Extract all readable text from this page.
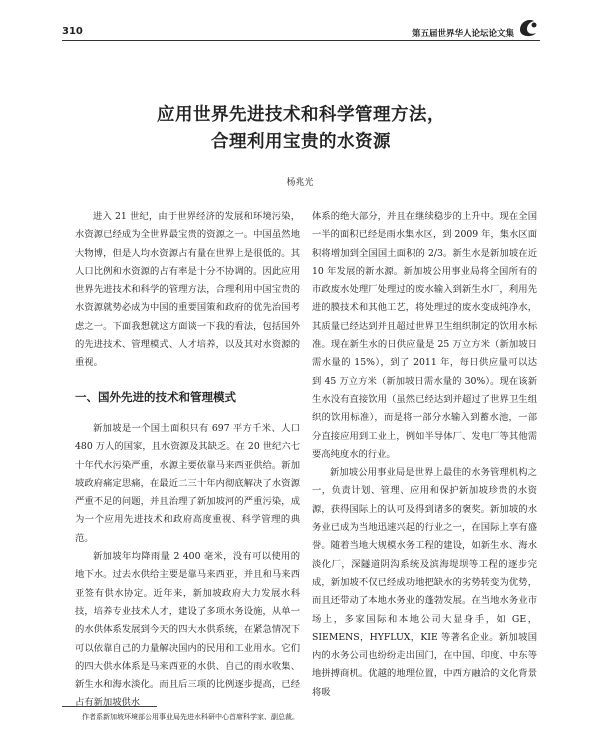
310	第五届世界华人论坛论文集
应用世界先进技术和科学管理方法，
合理利用宝贵的水资源
杨兆光

进入 21 世纪，由于世界经济的发展和环境污染，水资源已经成为全世界最宝贵的资源之一。中国虽然地大物博，但是人均水资源占有量在世界上是很低的。其人口比例和水资源的占有率是十分不协调的。因此应用世界先进技术和科学的管理方法，合理利用中国宝贵的水资源就势必成为中国的重要国策和政府的优先治国考虑之一。下面我想就这方面谈一下我的看法，包括国外的先进技术、管理模式、人才培养，以及其对水资源的重视。

一、国外先进的技术和管理模式

新加坡是一个国土面积只有 697 平方千米、人口 480 万人的国家，且水资源及其缺乏。在 20 世纪六七十年代水污染严重，水源主要依靠马来西亚供给。新加坡政府痛定思痛，在最近二三十年内彻底解决了水资源严重不足的问题，并且治理了新加坡河的严重污染，成为一个应用先进技术和政府高度重视、科学管理的典范。

新加坡年均降雨量 2 400 毫米，没有可以使用的地下水。过去水供给主要是靠马来西亚，并且和马来西亚签有供水协定。近年来，新加坡政府大力发展水科技，培养专业技术人才，建设了多项水务设施，从单一的水供体系发展到今天的四大水供系统，在紧急情况下可以依靠自己的力量解决国内的民用和工业用水。它们的四大供水体系是马来西亚的水供、自己的雨水收集、新生水和海水淡化。而且后三项的比例逐步提高，已经占有新加坡供水

体系的绝大部分，并且在继续稳步的上升中。现在全国一半的面积已经是雨水集水区，到 2009 年，集水区面积将增加到全国国土面积的 2/3。新生水是新加坡在近 10 年发展的新水源。新加坡公用事业局将全国所有的市政废水处理厂处理过的废水输入到新生水厂，利用先进的膜技术和其他工艺，将处理过的废水变成纯净水，其质量已经达到并且超过世界卫生组织制定的饮用水标准。现在新生水的日供应量是 25 万立方米（新加坡日需水量的 15%），到了 2011 年，每日供应量可以达到 45 万立方米（新加坡日需水量的 30%）。现在该新生水没有直接饮用（虽然已经达到并超过了世界卫生组织的饮用标准），而是将一部分水输入到蓄水池，一部分直接应用到工业上，例如半导体厂、发电厂等其他需要高纯度水的行业。

新加坡公用事业局是世界上最佳的水务管理机构之一，负责计划、管理、应用和保护新加坡珍贵的水资源，获得国际上的认可及得到诸多的褒奖。新加坡的水务业已成为当地迅速兴起的行业之一，在国际上享有盛誉。随着当地大规模水务工程的建设，如新生水、海水淡化厂，深隧道阴沟系统及滨海堤坝等工程的逐步完成，新加坡不仅已经成功地把缺水的劣势转变为优势，而且还带动了本地水务业的蓬勃发展。在当地水务业市场上，多家国际和本地公司大显身手，如 GE，SIEMENS，HYFLUX，KIE 等著名企业。新加坡国内的水务公司也纷纷走出国门，在中国、印度、中东等地拼搏商机。优越的地理位置，中西方融洽的文化背景将吸

作者系新加坡环境部公用事业局先进水科研中心首席科学家、副总裁。
